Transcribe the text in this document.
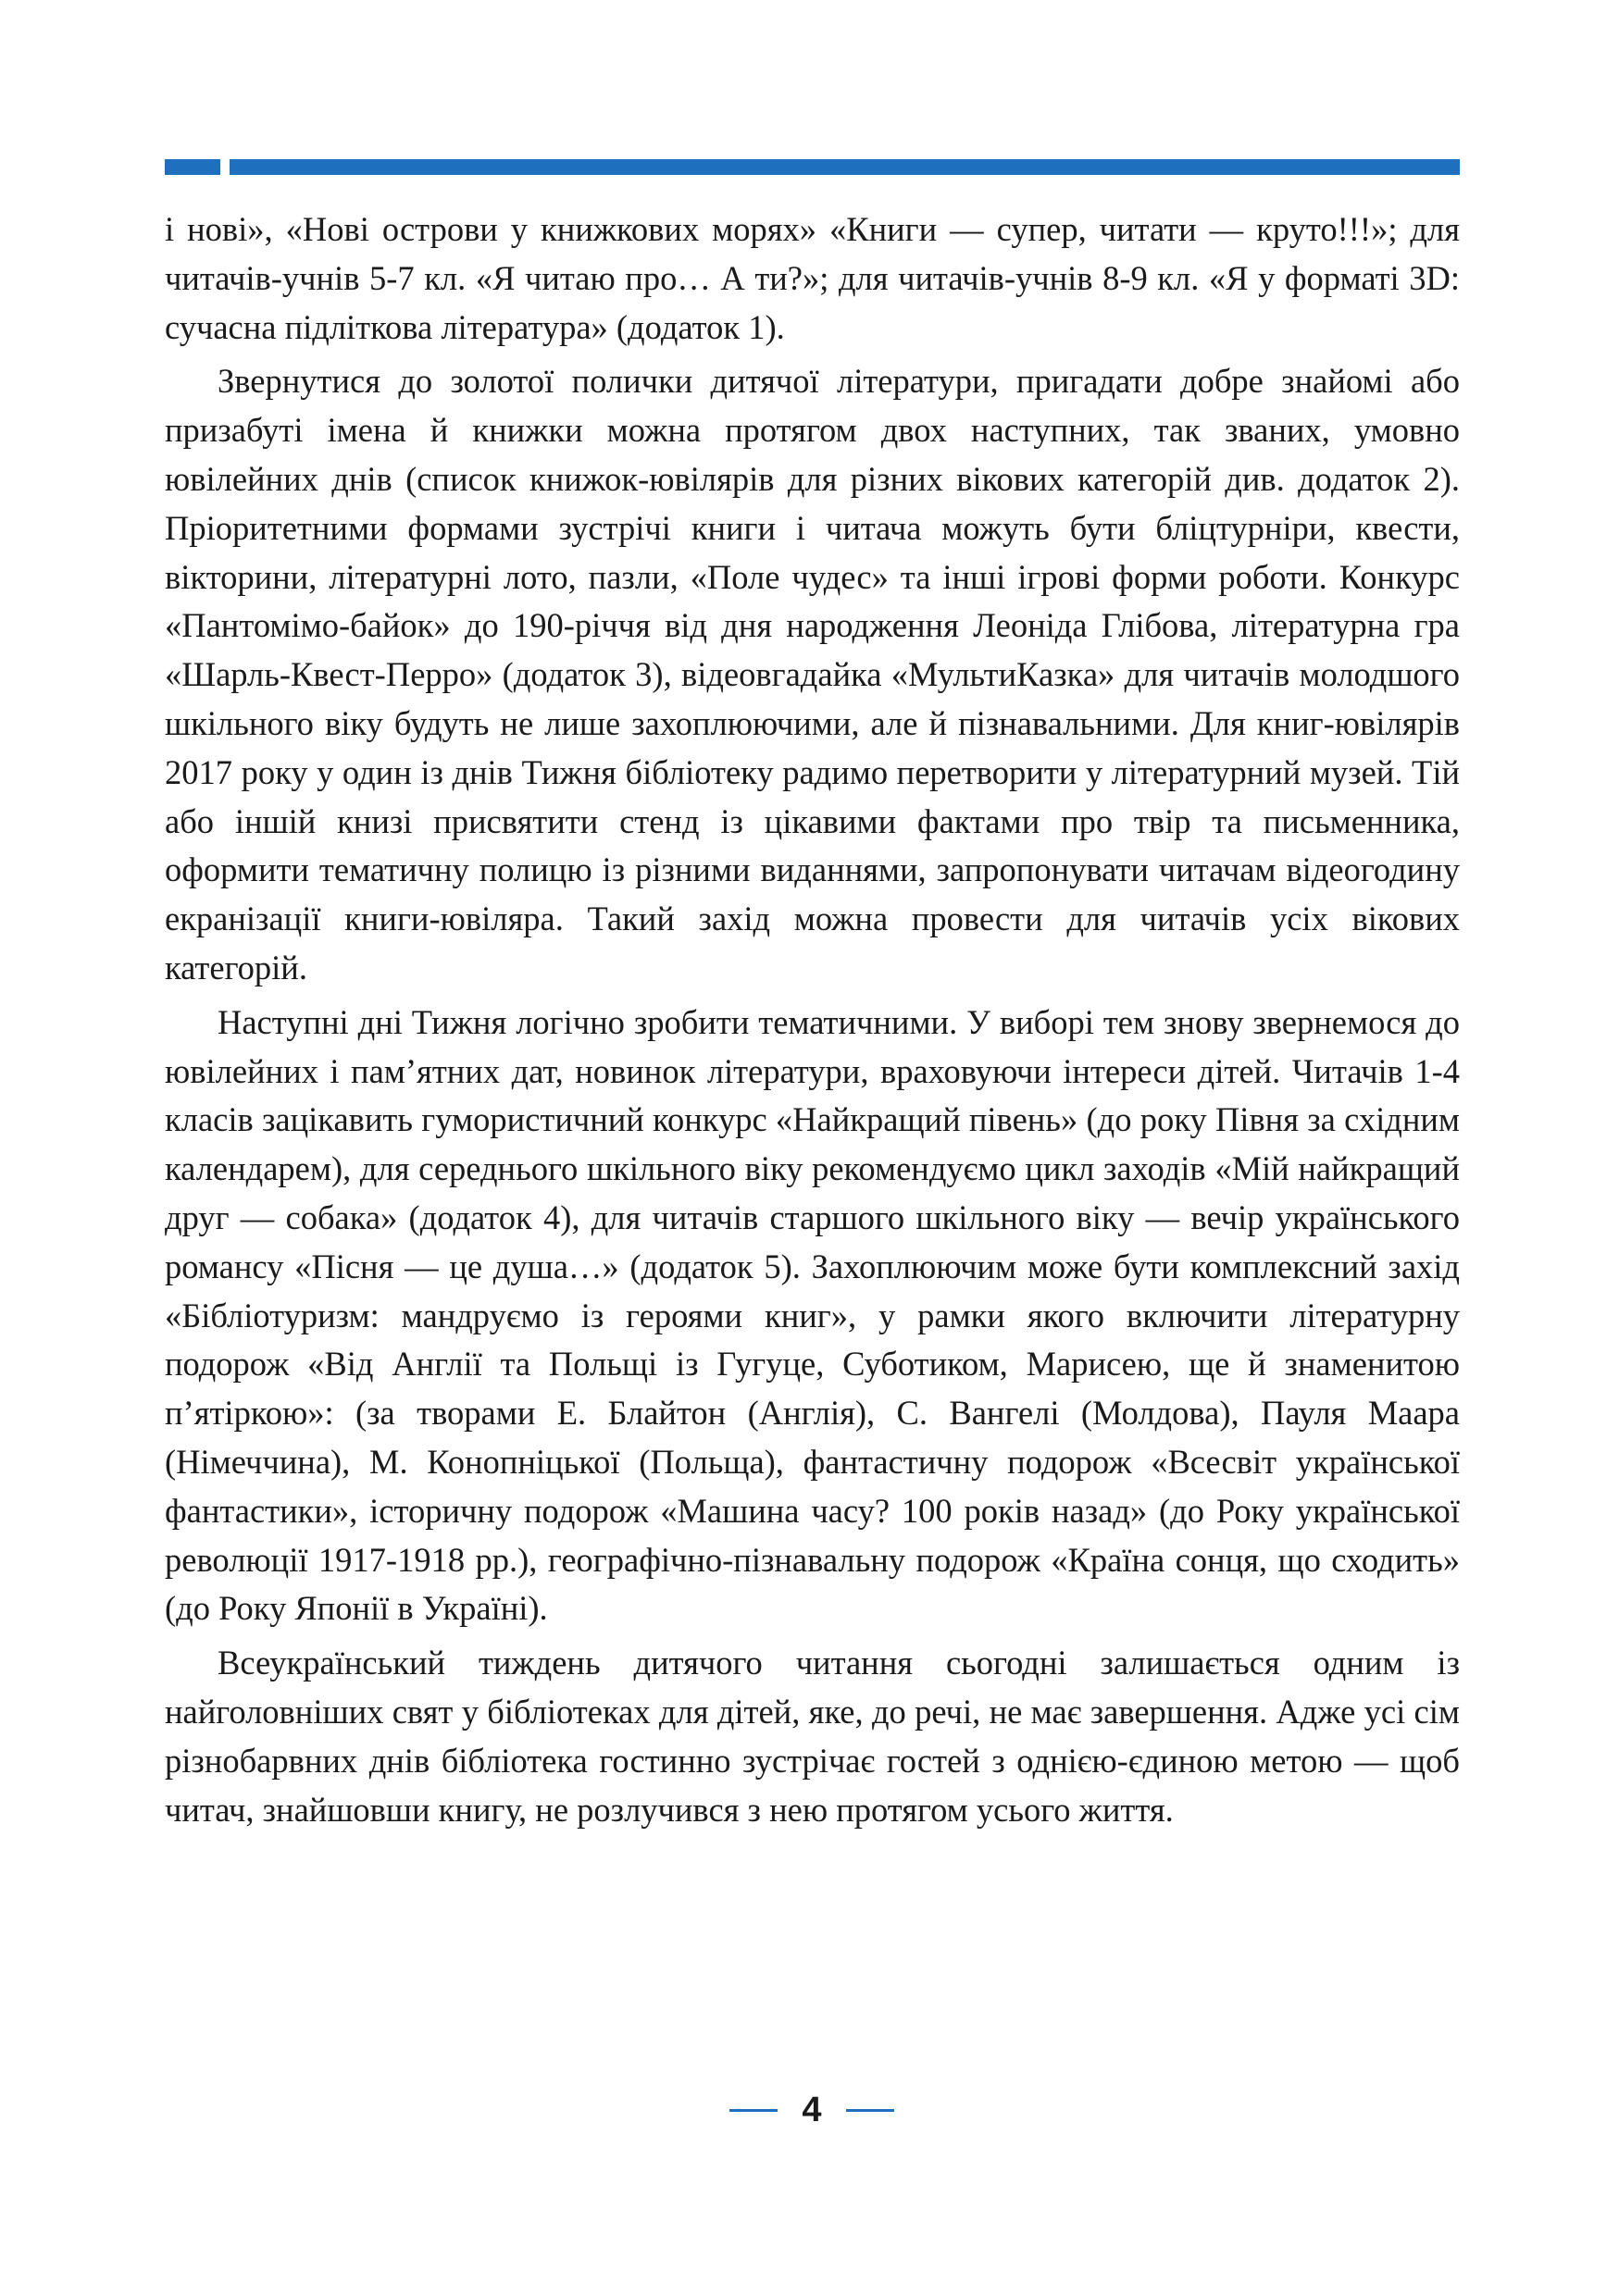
і нові», «Нові острови у книжкових морях» «Книги — супер, читати — круто!!!»; для читачів-учнів 5-7 кл. «Я читаю про… А ти?»; для читачів-учнів 8-9 кл. «Я у форматі 3D: сучасна підліткова література» (додаток 1).

Звернутися до золотої полички дитячої літератури, пригадати добре знайомі або призабуті імена й книжки можна протягом двох наступних, так званих, умовно ювілейних днів (список книжок-ювілярів для різних вікових категорій див. додаток 2). Пріоритетними формами зустрічі книги і читача можуть бути бліцтурніри, квести, вікторини, літературні лото, пазли, «Поле чудес» та інші ігрові форми роботи. Конкурс «Пантомімо-байок» до 190-річчя від дня народження Леоніда Глібова, літературна гра «Шарль-Квест-Перро» (додаток 3), відеовгадайка «МультиКазка» для читачів молодшого шкільного віку будуть не лише захоплюючими, але й пізнавальними. Для книг-ювілярів 2017 року у один із днів Тижня бібліотеку радимо перетворити у літературний музей. Тій або іншій книзі присвятити стенд із цікавими фактами про твір та письменника, оформити тематичну полицю із різними виданнями, запропонувати читачам відеогодину екранізації книги-ювіляра. Такий захід можна провести для читачів усіх вікових категорій.

Наступні дні Тижня логічно зробити тематичними. У виборі тем знову звернемося до ювілейних і пам’ятних дат, новинок літератури, враховуючи інтереси дітей. Читачів 1-4 класів зацікавить гумористичний конкурс «Найкращий півень» (до року Півня за східним календарем), для середнього шкільного віку рекомендуємо цикл заходів «Мій найкращий друг — собака» (додаток 4), для читачів старшого шкільного віку — вечір українського романсу «Пісня — це душа…» (додаток 5). Захоплюючим може бути комплексний захід «Бібліотуризм: мандруємо із героями книг», у рамки якого включити літературну подорож «Від Англії та Польщі із Гугуце, Суботиком, Марисею, ще й знаменитою п’ятіркою»: (за творами Е. Блайтон (Англія), С. Вангелі (Молдова), Пауля Маара (Німеччина), М. Конопніцької (Польща), фантастичну подорож «Всесвіт української фантастики», історичну подорож «Машина часу? 100 років назад» (до Року української революції 1917-1918 рр.), географічно-пізнавальну подорож «Країна сонця, що сходить» (до Року Японії в Україні).

Всеукраїнський тиждень дитячого читання сьогодні залишається одним із найголовніших свят у бібліотеках для дітей, яке, до речі, не має завершення. Адже усі сім різнобарвних днів бібліотека гостинно зустрічає гостей з однією-єдиною метою — щоб читач, знайшовши книгу, не розлучився з нею протягом усього життя.

4
